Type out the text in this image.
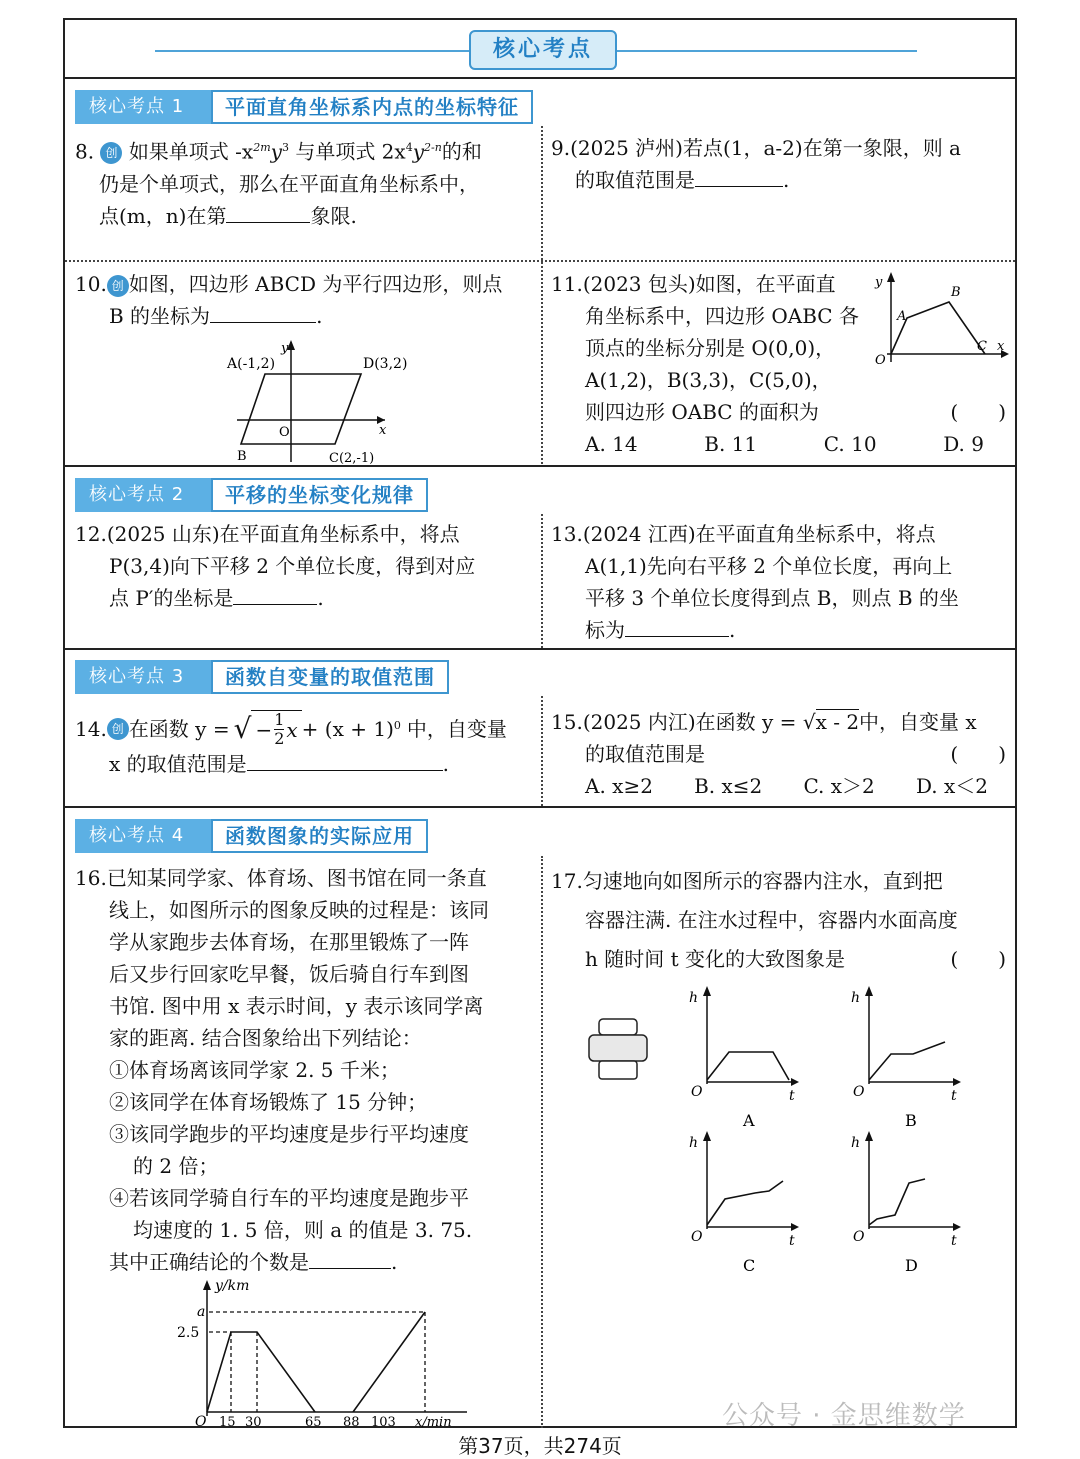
核心考点
核心考点 1	平面直角坐标系内点的坐标特征
8. 创 如果单项式 $-x^{2m}y^3$ 与单项式 $2x^4y^{2-n}$的和
仍是个单项式，那么在平面直角坐标系中，
点(m，n)在第	象限.
9.(2025 泸州)若点(1，a-2)在第一象限，则 a
的取值范围是	.
10. 创 如图，四边形 ABCD 为平行四边形，则点
B 的坐标为	.
A(-1,2)	D(3,2)
B	C(2,-1)
O	x
y
11.(2023 包头)如图，在平面直
角坐标系中，四边形 OABC 各
顶点的坐标分别是 O(0,0)，
A(1,2)，B(3,3)，C(5,0)，
则四边形 OABC 的面积为	(　　)
A. 14	B. 11	C. 10	D. 9
A
B
C
O
x
y
核心考点 2	平移的坐标变化规律
12.(2025 山东)在平面直角坐标系中，将点
P(3,4)向下平移 2 个单位长度，得到对应
点 P′的坐标是	.
13.(2024 江西)在平面直角坐标系中，将点
A(1,1)先向右平移 2 个单位长度，再向上
平移 3 个单位长度得到点 B，则点 B 的坐
标为	.
核心考点 3	函数自变量的取值范围
14. 创 在函数 y = √ − $\frac{1}{2}$ x + (x + 1) 0 中，自变量
x 的取值范围是	.
15.(2025 内江)在函数 y = √x - 2中，自变量 x
的取值范围是	(　　)
A. x≥2 B. x≤2 C. x＞2 D. x＜2
核心考点 4	函数图象的实际应用
16.已知某同学家、体育场、图书馆在同一条直
线上，如图所示的图象反映的过程是：该同
学从家跑步去体育场，在那里锻炼了一阵
后又步行回家吃早餐，饭后骑自行车到图
书馆. 图中用 x 表示时间，y 表示该同学离
家的距离. 结合图象给出下列结论：
①体育场离该同学家 2. 5 千米；
②该同学在体育场锻炼了 15 分钟；
③该同学跑步的平均速度是步行平均速度
的 2 倍；
④若该同学骑自行车的平均速度是跑步平
均速度的 1. 5 倍，则 a 的值是 3. 75.
其中正确结论的个数是	.
y/km
a
2.5
O 15 30	65 88 103 x/min
17.匀速地向如图所示的容器内注水，直到把
容器注满. 在注水过程中，容器内水面高度
h 随时间 t 变化的大致图象是	(　　)
h
O	t
A
h
O	t
B
h
O	t
C
h
O	t
D
公众号 · 金思维数学
第37页，共274页
